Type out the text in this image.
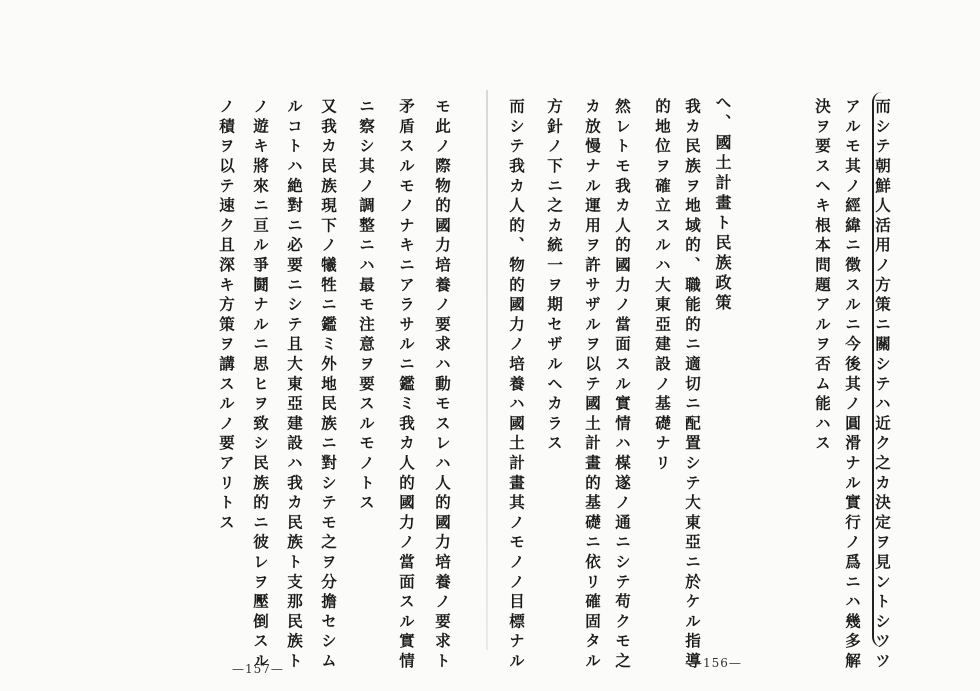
而シテ朝鮮人活用ノ方策ニ關シテハ近ク之カ決定ヲ見ントシツツ
アルモ其ノ經緯ニ徴スルニ今後其ノ圓滑ナル實行ノ爲ニハ幾多解
決ヲ要スヘキ根本問題アルヲ否ム能ハス
へ、國土計畫ト民族政策
我カ民族ヲ地域的、職能的ニ適切ニ配置シテ大東亞ニ於ケル指導
的地位ヲ確立スルハ大東亞建設ノ基礎ナリ
然レトモ我カ人的國力ノ當面スル實情ハ楳遂ノ通ニシテ苟クモ之
カ放慢ナル運用ヲ許サザルヲ以テ國土計畫的基礎ニ依リ確固タル
方針ノ下ニ之カ統一ヲ期セザルヘカラス
而シテ我カ人的、物的國力ノ培養ハ國土計畫其ノモノノ目標ナル
モ此ノ際物的國力培養ノ要求ハ動モスレハ人的國力培養ノ要求ト
矛盾スルモノナキニアラサルニ鑑ミ我カ人的國力ノ當面スル實情
ニ察シ其ノ調整ニハ最モ注意ヲ要スルモノトス
又我カ民族現下ノ犧牲ニ鑑ミ外地民族ニ對シテモ之ヲ分擔セシム
ルコトハ絶對ニ必要ニシテ且大東亞建設ハ我カ民族ト支那民族ト
ノ遊キ將來ニ亘ル爭鬪ナルニ思ヒヲ致シ民族的ニ彼レヲ壓倒スル
ノ積ヲ以テ速ク且深キ方策ヲ講スルノ要アリトス
—157—	—156—
